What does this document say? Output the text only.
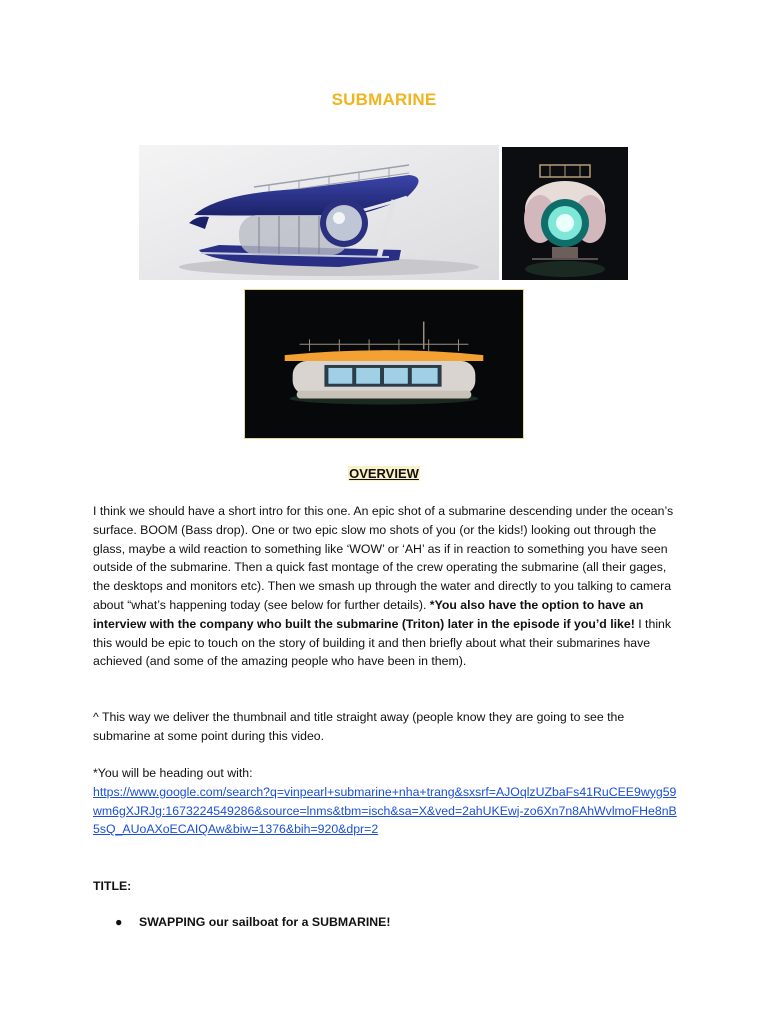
SUBMARINE
OVERVIEW
I think we should have a short intro for this one. An epic shot of a submarine descending under the ocean’s surface. BOOM (Bass drop). One or two epic slow mo shots of you (or the kids!) looking out through the glass, maybe a wild reaction to something like ‘WOW’ or ‘AH’ as if in reaction to something you have seen outside of the submarine. Then a quick fast montage of the crew operating the submarine (all their gages, the desktops and monitors etc). Then we smash up through the water and directly to you talking to camera about “what’s happening today (see below for further details). *You also have the option to have an interview with the company who built the submarine (Triton) later in the episode if you’d like! I think this would be epic to touch on the story of building it and then briefly about what their submarines have achieved (and some of the amazing people who have been in them).
^ This way we deliver the thumbnail and title straight away (people know they are going to see the submarine at some point during this video.
*You will be heading out with:
https://www.google.com/search?q=vinpearl+submarine+nha+trang&sxsrf=AJOqlzUZbaFs41RuCEE9wyg59wm6gXJRJg:1673224549286&source=lnms&tbm=isch&sa=X&ved=2ahUKEwj-zo6Xn7n8AhWvlmoFHe8nB5sQ_AUoAXoECAIQAw&biw=1376&bih=920&dpr=2
TITLE:
●	SWAPPING our sailboat for a SUBMARINE!
